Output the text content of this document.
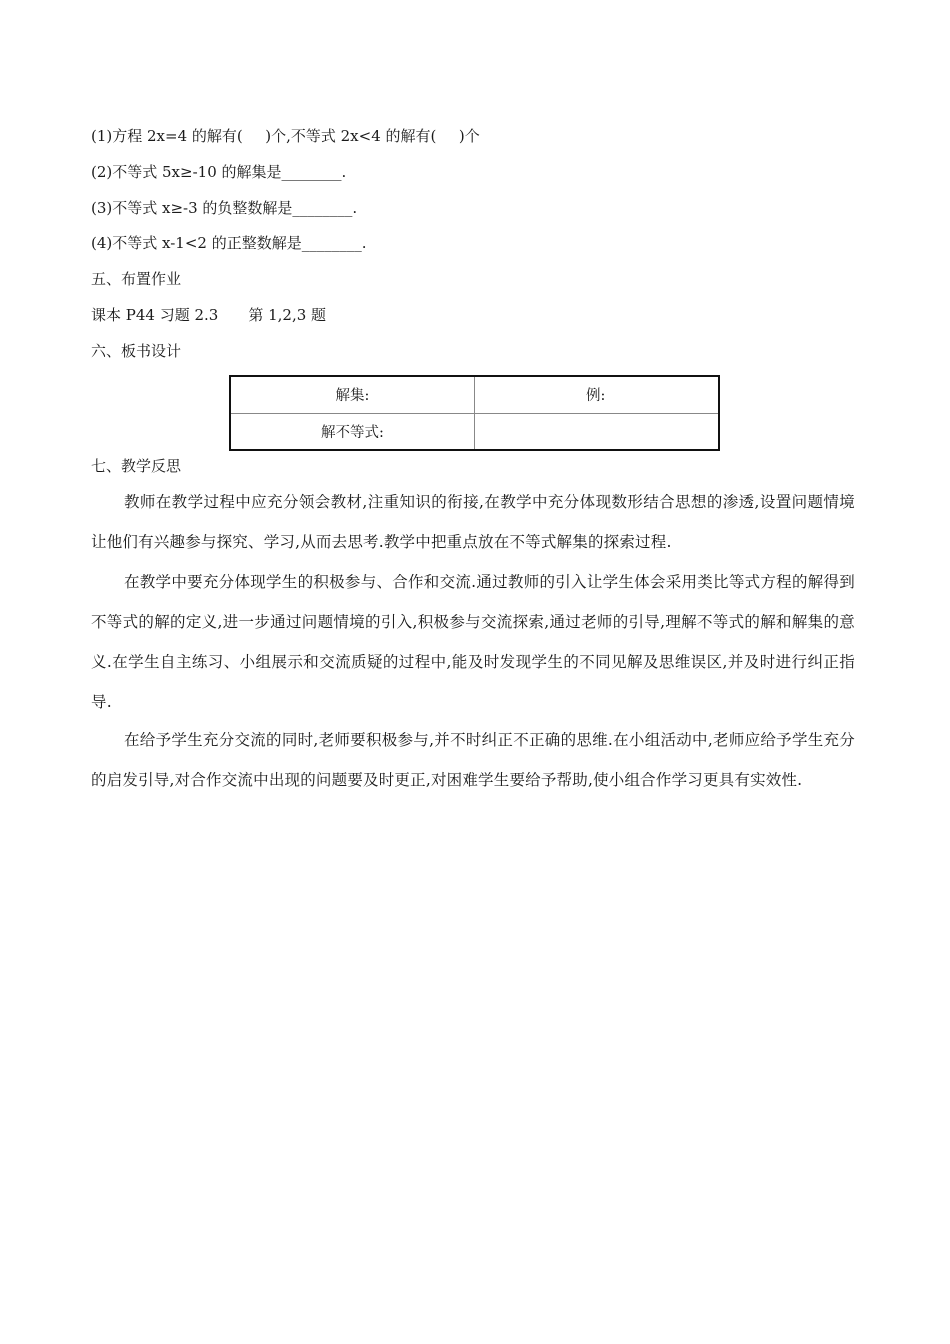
(1)方程 2x=4 的解有(  )个,不等式 2x<4 的解有(  )个
(2)不等式 5x≥-10 的解集是________.
(3)不等式 x≥-3 的负整数解是________.
(4)不等式 x-1<2 的正整数解是________.
五、布置作业
课本 P44 习题 2.3  第 1,2,3 题
六、板书设计
解集:	例:
解不等式:	
七、教学反思
教师在教学过程中应充分领会教材,注重知识的衔接,在教学中充分体现数形结合思想的渗透,设置问题情境让他们有兴趣参与探究、学习,从而去思考.教学中把重点放在不等式解集的探索过程.
在教学中要充分体现学生的积极参与、合作和交流.通过教师的引入让学生体会采用类比等式方程的解得到不等式的解的定义,进一步通过问题情境的引入,积极参与交流探索,通过老师的引导,理解不等式的解和解集的意义.在学生自主练习、小组展示和交流质疑的过程中,能及时发现学生的不同见解及思维误区,并及时进行纠正指导.
在给予学生充分交流的同时,老师要积极参与,并不时纠正不正确的思维.在小组活动中,老师应给予学生充分的启发引导,对合作交流中出现的问题要及时更正,对困难学生要给予帮助,使小组合作学习更具有实效性.
